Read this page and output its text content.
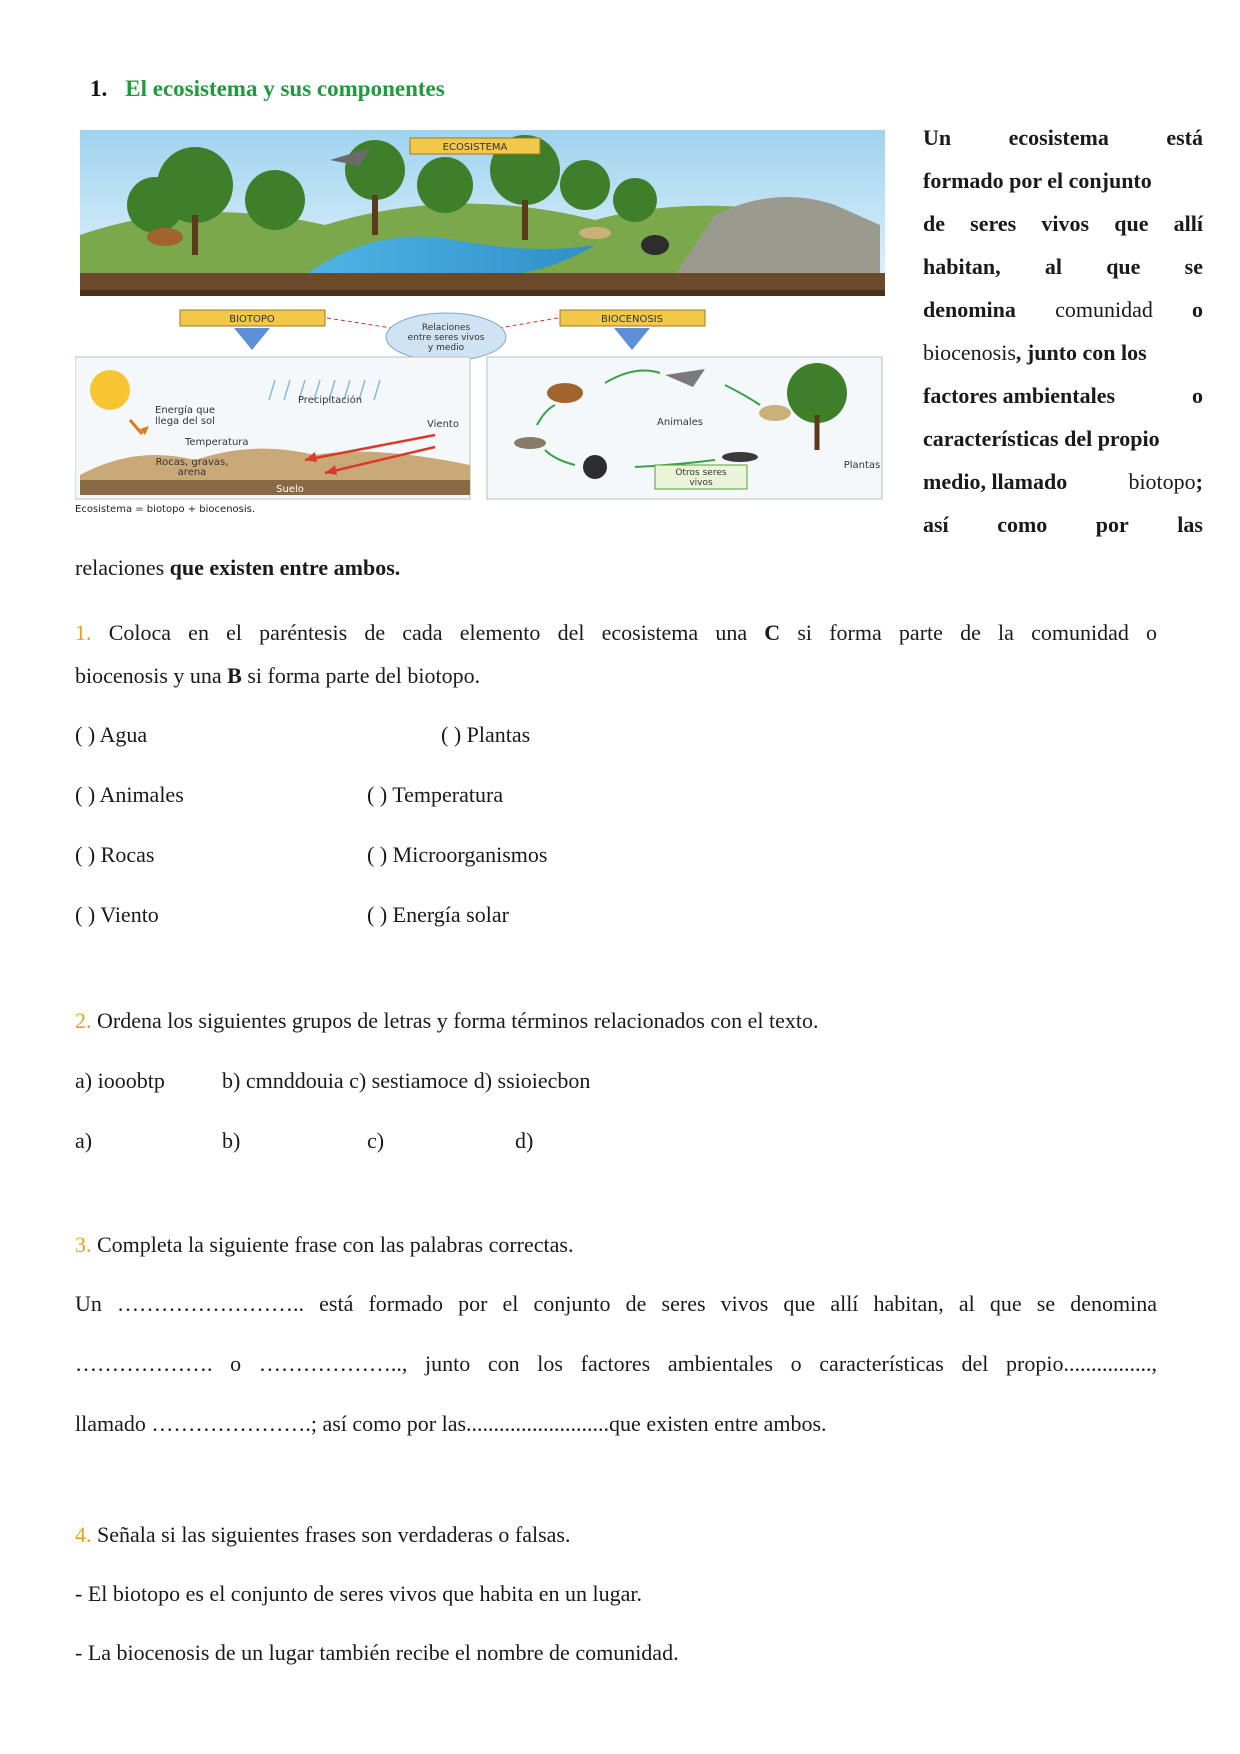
1. El ecosistema y sus componentes
ECOSISTEMA
BIOTOPO	BIOCENOSIS
Relaciones
entre seres vivos
y medio
Precipitación
Energía que
llega del sol
Temperatura
Rocas, gravas,
arena
Viento
Suelo
Animales
Plantas
Otros seres
vivos
Ecosistema = biotopo + biocenosis.
Un	ecosistema	está
formado por el conjunto
de seres vivos que allí
habitan, al que se
denomina comunidad o
biocenosis, junto con los
factores ambientales	o
características del propio
medio, llamado	biotopo;
así como por las
relaciones que existen entre ambos.
1. Coloca en el paréntesis de cada elemento del ecosistema una C si forma parte de la comunidad o
biocenosis y una B si forma parte del biotopo.
( ) Agua	( ) Plantas
( ) Animales	( ) Temperatura
( ) Rocas	( ) Microorganismos
( ) Viento	( ) Energía solar
2. Ordena los siguientes grupos de letras y forma términos relacionados con el texto.
a) iooobtp	b) cmnddouia c) sestiamoce d) ssioiecbon
a)	b)	c)	d)
3. Completa la siguiente frase con las palabras correctas.
Un …………………….. está formado por el conjunto de seres vivos que allí habitan, al que se denomina
………………. o ……………….., junto con los factores ambientales o características del propio................,
llamado ………………….; así como por las..........................que existen entre ambos.
4. Señala si las siguientes frases son verdaderas o falsas.
- El biotopo es el conjunto de seres vivos que habita en un lugar.
- La biocenosis de un lugar también recibe el nombre de comunidad.
